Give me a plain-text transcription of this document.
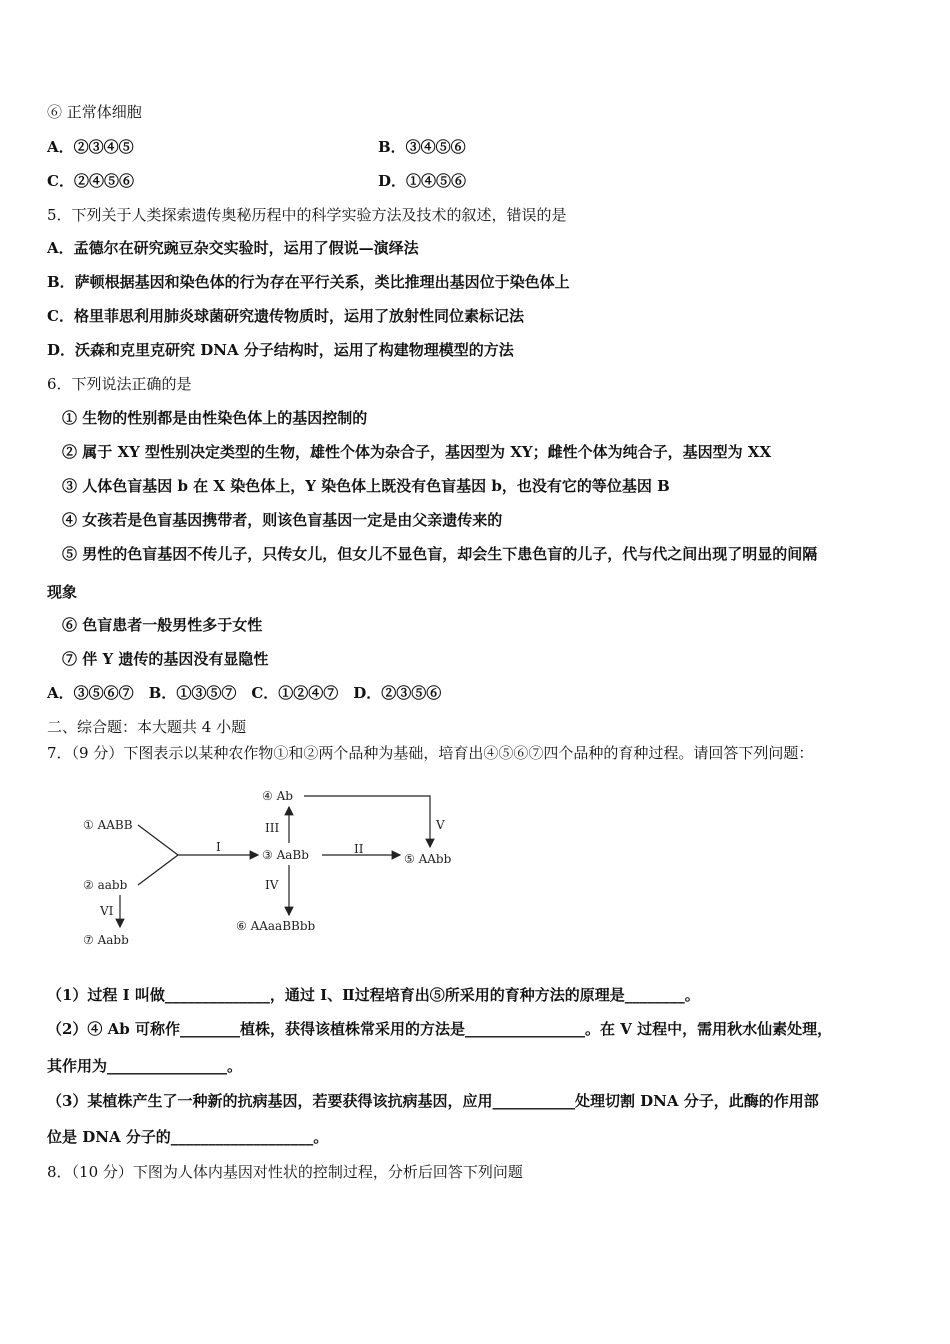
⑥ 正常体细胞
A．②③④⑤	B．③④⑤⑥
C．②④⑤⑥	D．①④⑤⑥
5．下列关于人类探索遗传奥秘历程中的科学实验方法及技术的叙述，错误的是
A．孟德尔在研究豌豆杂交实验时，运用了假说—演绎法
B．萨顿根据基因和染色体的行为存在平行关系，类比推理出基因位于染色体上
C．格里菲思利用肺炎球菌研究遗传物质时，运用了放射性同位素标记法
D．沃森和克里克研究 DNA 分子结构时，运用了构建物理模型的方法
6．下列说法正确的是
① 生物的性别都是由性染色体上的基因控制的
② 属于 XY 型性别决定类型的生物，雄性个体为杂合子，基因型为 XY；雌性个体为纯合子，基因型为 XX
③ 人体色盲基因 b 在 X 染色体上，Y 染色体上既没有色盲基因 b，也没有它的等位基因 B
④ 女孩若是色盲基因携带者，则该色盲基因一定是由父亲遗传来的
⑤ 男性的色盲基因不传儿子，只传女儿，但女儿不显色盲，却会生下患色盲的儿子，代与代之间出现了明显的间隔
现象
⑥ 色盲患者一般男性多于女性
⑦ 伴 Y 遗传的基因没有显隐性
A．③⑤⑥⑦　B．①③⑤⑦　C．①②④⑦　D．②③⑤⑥
二、综合题：本大题共 4 小题
7．（9 分）下图表示以某种农作物①和②两个品种为基础，培育出④⑤⑥⑦四个品种的育种过程。请回答下列问题：
① AABB
② aabb
③ AaBb
④ Ab
⑤ AAbb
⑥ AAaaBBbb
⑦ Aabb
I	II
III
IV
V
VI
（1）过程 I 叫做______________，通过 I、Ⅱ过程培育出⑤所采用的育种方法的原理是________。
（2）④ Ab 可称作________植株，获得该植株常采用的方法是________________。在 V 过程中，需用秋水仙素处理，
其作用为________________。
（3）某植株产生了一种新的抗病基因，若要获得该抗病基因，应用___________处理切割 DNA 分子，此酶的作用部
位是 DNA 分子的___________________。
8．（10 分）下图为人体内基因对性状的控制过程，分析后回答下列问题
